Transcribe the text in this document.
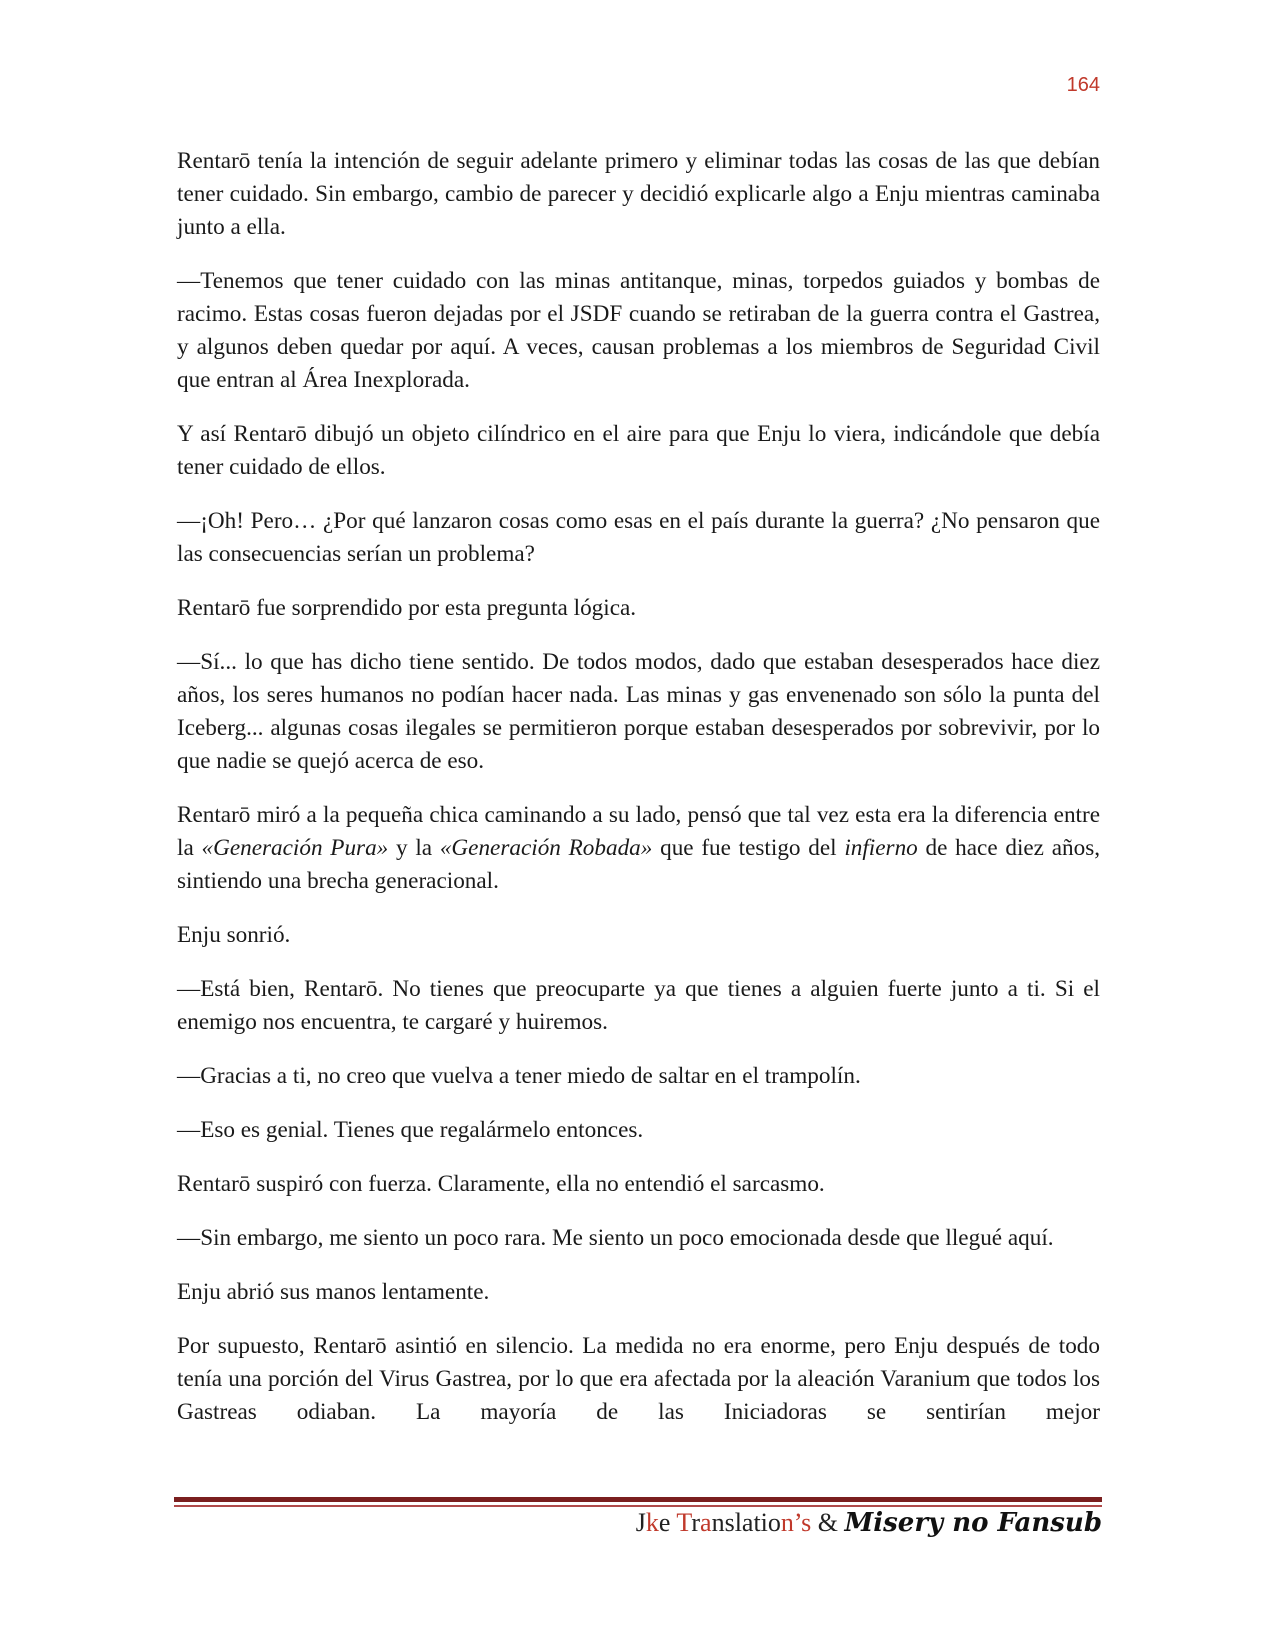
164

Rentarō tenía la intención de seguir adelante primero y eliminar todas las cosas de las que debían tener cuidado. Sin embargo, cambio de parecer y decidió explicarle algo a Enju mientras caminaba junto a ella.

—Tenemos que tener cuidado con las minas antitanque, minas, torpedos guiados y bombas de racimo. Estas cosas fueron dejadas por el JSDF cuando se retiraban de la guerra contra el Gastrea, y algunos deben quedar por aquí. A veces, causan problemas a los miembros de Seguridad Civil que entran al Área Inexplorada.

Y así Rentarō dibujó un objeto cilíndrico en el aire para que Enju lo viera, indicándole que debía tener cuidado de ellos.

—¡Oh! Pero… ¿Por qué lanzaron cosas como esas en el país durante la guerra? ¿No pensaron que las consecuencias serían un problema?

Rentarō fue sorprendido por esta pregunta lógica.

—Sí... lo que has dicho tiene sentido. De todos modos, dado que estaban desesperados hace diez años, los seres humanos no podían hacer nada. Las minas y gas envenenado son sólo la punta del Iceberg... algunas cosas ilegales se permitieron porque estaban desesperados por sobrevivir, por lo que nadie se quejó acerca de eso.

Rentarō miró a la pequeña chica caminando a su lado, pensó que tal vez esta era la diferencia entre la «Generación Pura» y la «Generación Robada» que fue testigo del infierno de hace diez años, sintiendo una brecha generacional.

Enju sonrió.

—Está bien, Rentarō. No tienes que preocuparte ya que tienes a alguien fuerte junto a ti. Si el enemigo nos encuentra, te cargaré y huiremos.

—Gracias a ti, no creo que vuelva a tener miedo de saltar en el trampolín.

—Eso es genial. Tienes que regalármelo entonces.

Rentarō suspiró con fuerza. Claramente, ella no entendió el sarcasmo.

—Sin embargo, me siento un poco rara. Me siento un poco emocionada desde que llegué aquí.

Enju abrió sus manos lentamente.

Por supuesto, Rentarō asintió en silencio. La medida no era enorme, pero Enju después de todo tenía una porción del Virus Gastrea, por lo que era afectada por la aleación Varanium que todos los Gastreas odiaban. La mayoría de las Iniciadoras se sentirían mejor

Jke Translation’s & Misery no Fansub
